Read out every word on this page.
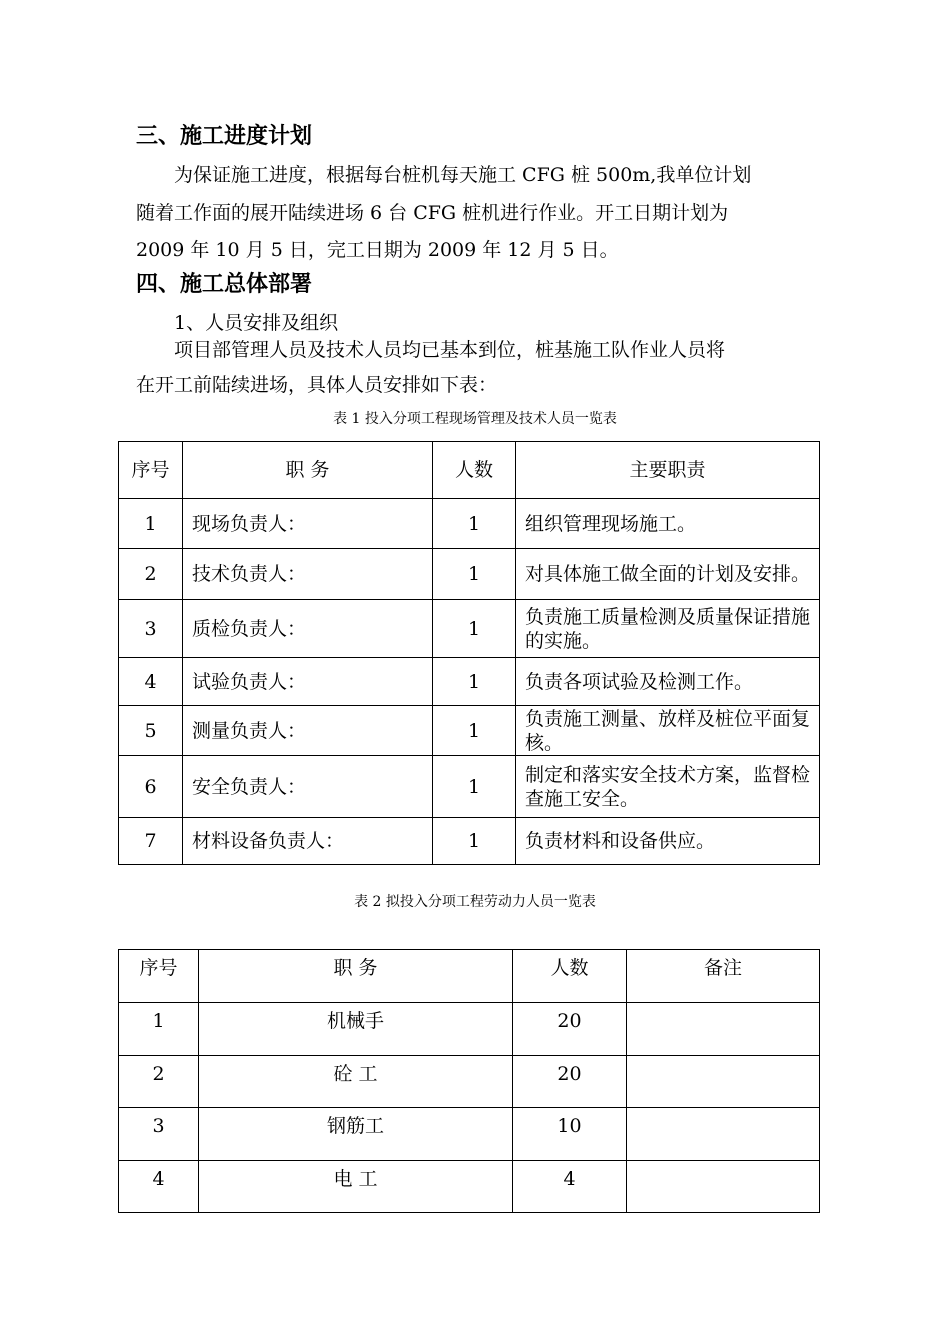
三、施工进度计划
为保证施工进度，根据每台桩机每天施工 CFG 桩 500m,我单位计划
随着工作面的展开陆续进场 6 台 CFG 桩机进行作业。开工日期计划为
2009 年 10 月 5 日，完工日期为 2009 年 12 月 5 日。
四、施工总体部署
1、人员安排及组织
项目部管理人员及技术人员均已基本到位，桩基施工队作业人员将
在开工前陆续进场，具体人员安排如下表：
表 1 投入分项工程现场管理及技术人员一览表
序号	职 务	人数	主要职责
1	现场负责人：	1	组织管理现场施工。
2	技术负责人：	1	对具体施工做全面的计划及安排。
3	质检负责人：	1	负责施工质量检测及质量保证措施的实施。
4	试验负责人：	1	负责各项试验及检测工作。
5	测量负责人：	1	负责施工测量、放样及桩位平面复核。
6	安全负责人：	1	制定和落实安全技术方案，监督检查施工安全。
7	材料设备负责人：	1	负责材料和设备供应。
表 2 拟投入分项工程劳动力人员一览表
序号	职 务	人数	备注
1	机械手	20	
2	砼 工	20	
3	钢筋工	10	
4	电 工	4	
